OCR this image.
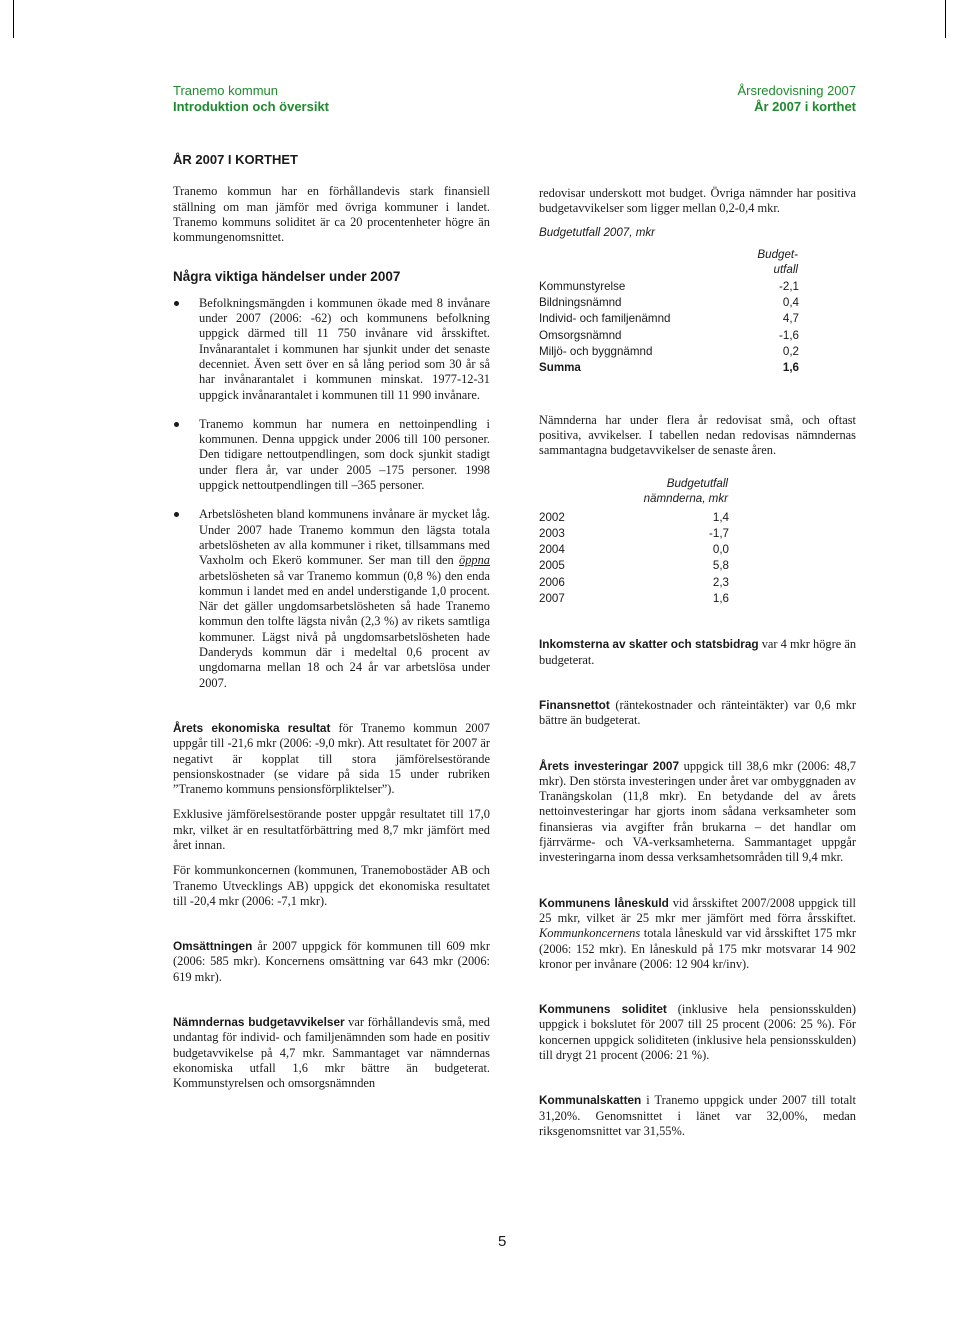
Tranemo kommun
Introduktion och översikt
Årsredovisning 2007
År 2007 i korthet
ÅR 2007 I KORTHET

Tranemo kommun har en förhållandevis stark finansiell ställning om man jämför med övriga kommuner i landet. Tranemo kommuns soliditet är ca 20 procentenheter högre än kommungenomsnittet.

Några viktiga händelser under 2007
Befolkningsmängden i kommunen ökade med 8 invånare under 2007 (2006: -62) och kommunens befolkning uppgick därmed till 11 750 invånare vid årsskiftet. Invånarantalet i kommunen har sjunkit under det senaste decenniet. Även sett över en så lång period som 30 år så har invånarantalet i kommunen minskat. 1977-12-31 uppgick invånarantalet i kommunen till 11 990 invånare.
Tranemo kommun har numera en nettoinpendling i kommunen. Denna uppgick under 2006 till 100 personer. Den tidigare nettoutpendlingen, som dock sjunkit stadigt under flera år, var under 2005 –175 personer. 1998 uppgick nettoutpendlingen till –365 personer.
Arbetslösheten bland kommunens invånare är mycket låg. Under 2007 hade Tranemo kommun den lägsta totala arbetslösheten av alla kommuner i riket, tillsammans med Vaxholm och Ekerö kommuner. Ser man till den öppna arbetslösheten så var Tranemo kommun (0,8 %) den enda kommun i landet med en andel understigande 1,0 procent. När det gäller ungdomsarbetslösheten så hade Tranemo kommun den tolfte lägsta nivån (2,3 %) av rikets samtliga kommuner. Lägst nivå på ungdomsarbetslösheten hade Danderyds kommun där i medeltal 0,6 procent av ungdomarna mellan 18 och 24 år var arbetslösa under 2007.

Årets ekonomiska resultat för Tranemo kommun 2007 uppgår till -21,6 mkr (2006: -9,0 mkr). Att resultatet för 2007 är negativt är kopplat till stora jämförelsestörande pensionskostnader (se vidare på sida 15 under rubriken ”Tranemo kommuns pensionsförpliktelser”).

Exklusive jämförelsestörande poster uppgår resultatet till 17,0 mkr, vilket är en resultatförbättring med 8,7 mkr jämfört med året innan.

För kommunkoncernen (kommunen, Tranemobostäder AB och Tranemo Utvecklings AB) uppgick det ekonomiska resultatet till -20,4 mkr (2006: -7,1 mkr).

Omsättningen år 2007 uppgick för kommunen till 609 mkr (2006: 585 mkr). Koncernens omsättning var 643 mkr (2006: 619 mkr).

Nämndernas budgetavvikelser var förhållandevis små, med undantag för individ- och familjenämnden som hade en positiv budgetavvikelse på 4,7 mkr. Sammantaget var nämndernas ekonomiska utfall 1,6 mkr bättre än budgeterat. Kommunstyrelsen och omsorgsnämnden

redovisar underskott mot budget. Övriga nämnder har positiva budgetavvikelser som ligger mellan 0,2-0,4 mkr.

Budgetutfall 2007, mkr
	Budget-
utfall
Kommunstyrelse	-2,1
Bildningsnämnd	0,4
Individ- och familjenämnd	4,7
Omsorgsnämnd	-1,6
Miljö- och byggnämnd	0,2
Summa	1,6

Nämnderna har under flera år redovisat små, och oftast positiva, avvikelser. I tabellen nedan redovisas nämndernas sammantagna budgetavvikelser de senaste åren.

	Budgetutfall
nämnderna, mkr
2002	1,4
2003	-1,7
2004	0,0
2005	5,8
2006	2,3
2007	1,6

Inkomsterna av skatter och statsbidrag var 4 mkr högre än budgeterat.

Finansnettot (räntekostnader och ränteintäkter) var 0,6 mkr bättre än budgeterat.

Årets investeringar 2007 uppgick till 38,6 mkr (2006: 48,7 mkr). Den största investeringen under året var ombyggnaden av Tranängskolan (11,8 mkr). En betydande del av årets nettoinvesteringar har gjorts inom sådana verksamheter som finansieras via avgifter från brukarna – det handlar om fjärrvärme- och VA-verksamheterna. Sammantaget uppgår investeringarna inom dessa verksamhetsområden till 9,4 mkr.

Kommunens låneskuld vid årsskiftet 2007/2008 uppgick till 25 mkr, vilket är 25 mkr mer jämfört med förra årsskiftet. Kommunkoncernens totala låneskuld var vid årsskiftet 175 mkr (2006: 152 mkr). En låneskuld på 175 mkr motsvarar 14 902 kronor per invånare (2006: 12 904 kr/inv).

Kommunens soliditet (inklusive hela pensionsskulden) uppgick i bokslutet för 2007 till 25 procent (2006: 25 %). För koncernen uppgick soliditeten (inklusive hela pensionsskulden) till drygt 21 procent (2006: 21 %).

Kommunalskatten i Tranemo uppgick under 2007 till totalt 31,20%. Genomsnittet i länet var 32,00%, medan riksgenomsnittet var 31,55%.

5
